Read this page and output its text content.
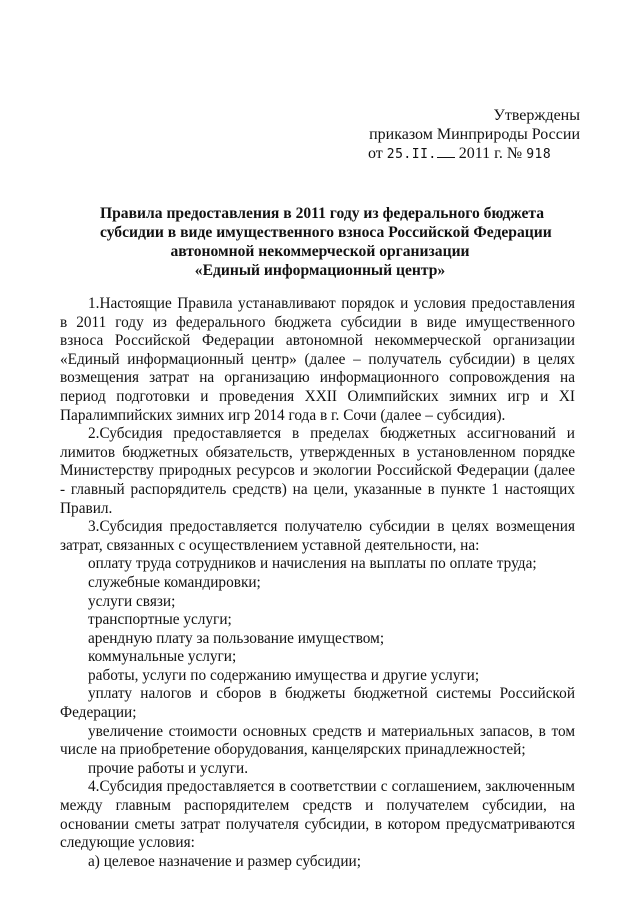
Утверждены
приказом Минприроды России
от 25.II. 2011 г. № 918
Правила предоставления в 2011 году из федерального бюджета
субсидии в виде имущественного взноса Российской Федерации
автономной некоммерческой организации
«Единый информационный центр»

1.Настоящие Правила устанавливают порядок и условия предоставления в 2011 году из федерального бюджета субсидии в виде имущественного взноса Российской Федерации автономной некоммерческой организации «Единый информационный центр» (далее – получатель субсидии) в целях возмещения затрат на организацию информационного сопровождения на период подготовки и проведения XXII Олимпийских зимних игр и XI Паралимпийских зимних игр 2014 года в г. Сочи (далее – субсидия).

2.Субсидия предоставляется в пределах бюджетных ассигнований и лимитов бюджетных обязательств, утвержденных в установленном порядке Министерству природных ресурсов и экологии Российской Федерации (далее - главный распорядитель средств) на цели, указанные в пункте 1 настоящих Правил.

3.Субсидия предоставляется получателю субсидии в целях возмещения затрат, связанных с осуществлением уставной деятельности, на:

оплату труда сотрудников и начисления на выплаты по оплате труда;

служебные командировки;

услуги связи;

транспортные услуги;

арендную плату за пользование имуществом;

коммунальные услуги;

работы, услуги по содержанию имущества и другие услуги;

уплату налогов и сборов в бюджеты бюджетной системы Российской Федерации;

увеличение стоимости основных средств и материальных запасов, в том числе на приобретение оборудования, канцелярских принадлежностей;

прочие работы и услуги.

4.Субсидия предоставляется в соответствии с соглашением, заключенным между главным распорядителем средств и получателем субсидии, на основании сметы затрат получателя субсидии, в котором предусматриваются следующие условия:

а) целевое назначение и размер субсидии;
